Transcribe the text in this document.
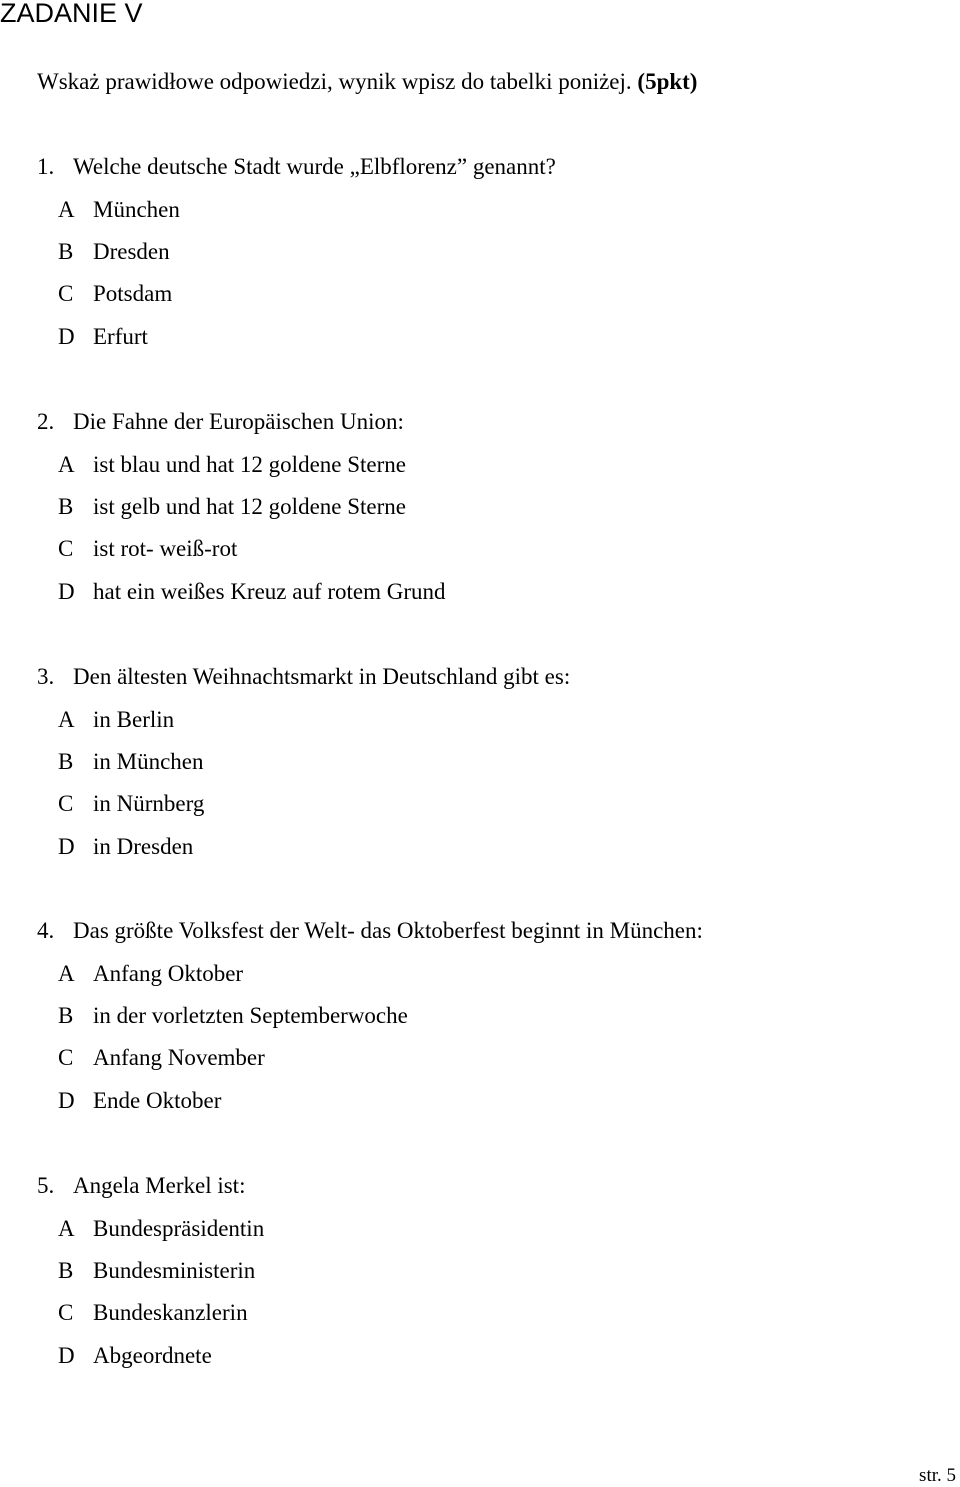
ZADANIE V
Wskaż prawidłowe odpowiedzi, wynik wpisz do tabelki poniżej. (5pkt)
1. Welche deutsche Stadt wurde „Elbflorenz” genannt?
A München
B Dresden
C Potsdam
D Erfurt
2. Die Fahne der Europäischen Union:
A ist blau und hat 12 goldene Sterne
B ist gelb und hat 12 goldene Sterne
C ist rot- weiß-rot
D hat ein weißes Kreuz auf rotem Grund
3. Den ältesten Weihnachtsmarkt in Deutschland gibt es:
A in Berlin
B in München
C in Nürnberg
D in Dresden
4. Das größte Volksfest der Welt- das Oktoberfest beginnt in München:
A Anfang Oktober
B in der vorletzten Septemberwoche
C Anfang November
D Ende Oktober
5. Angela Merkel ist:
A Bundespräsidentin
B Bundesministerin
C Bundeskanzlerin
D Abgeordnete
str. 5
